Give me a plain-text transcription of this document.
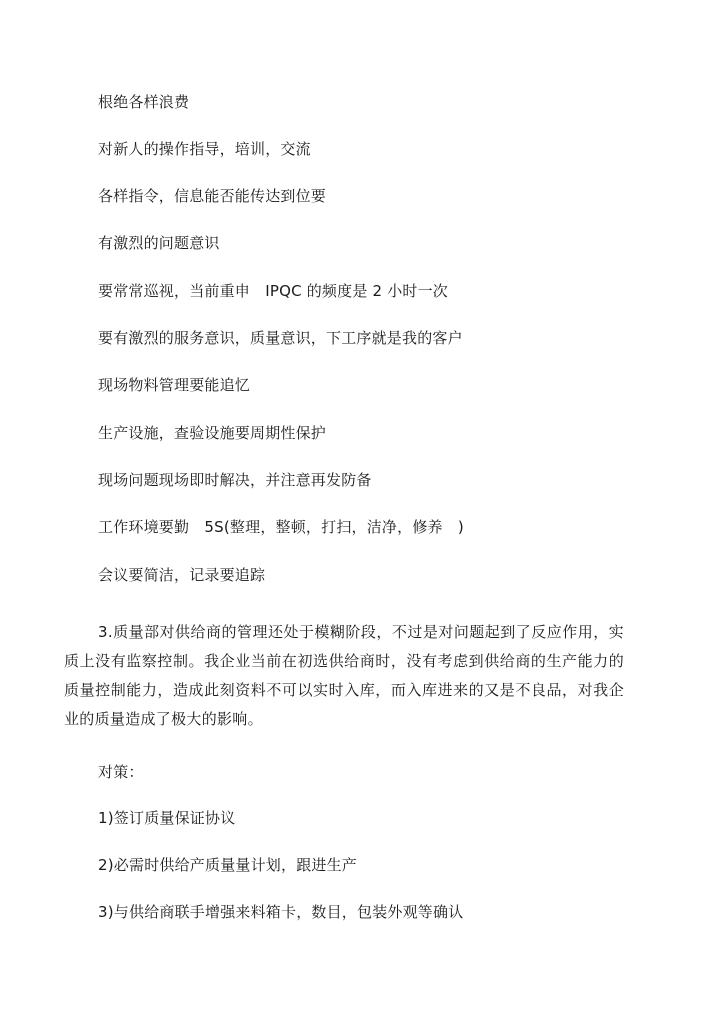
根绝各样浪费
对新人的操作指导，培训，交流
各样指令，信息能否能传达到位要
有激烈的问题意识
要常常巡视，当前重申　IPQC 的频度是 2 小时一次
要有激烈的服务意识，质量意识，下工序就是我的客户
现场物料管理要能追忆
生产设施，查验设施要周期性保护
现场问题现场即时解决，并注意再发防备
工作环境要勤　5S(整理，整顿，打扫，洁净，修养　)
会议要简洁，记录要追踪
3.质量部对供给商的管理还处于模糊阶段，不过是对问题起到了反应作用，实质上没有监察控制。我企业当前在初选供给商时，没有考虑到供给商的生产能力的质量控制能力，造成此刻资料不可以实时入库，而入库进来的又是不良品，对我企业的质量造成了极大的影响。
对策：
1)签订质量保证协议
2)必需时供给产质量量计划，跟进生产
3)与供给商联手增强来料箱卡，数目，包装外观等确认
